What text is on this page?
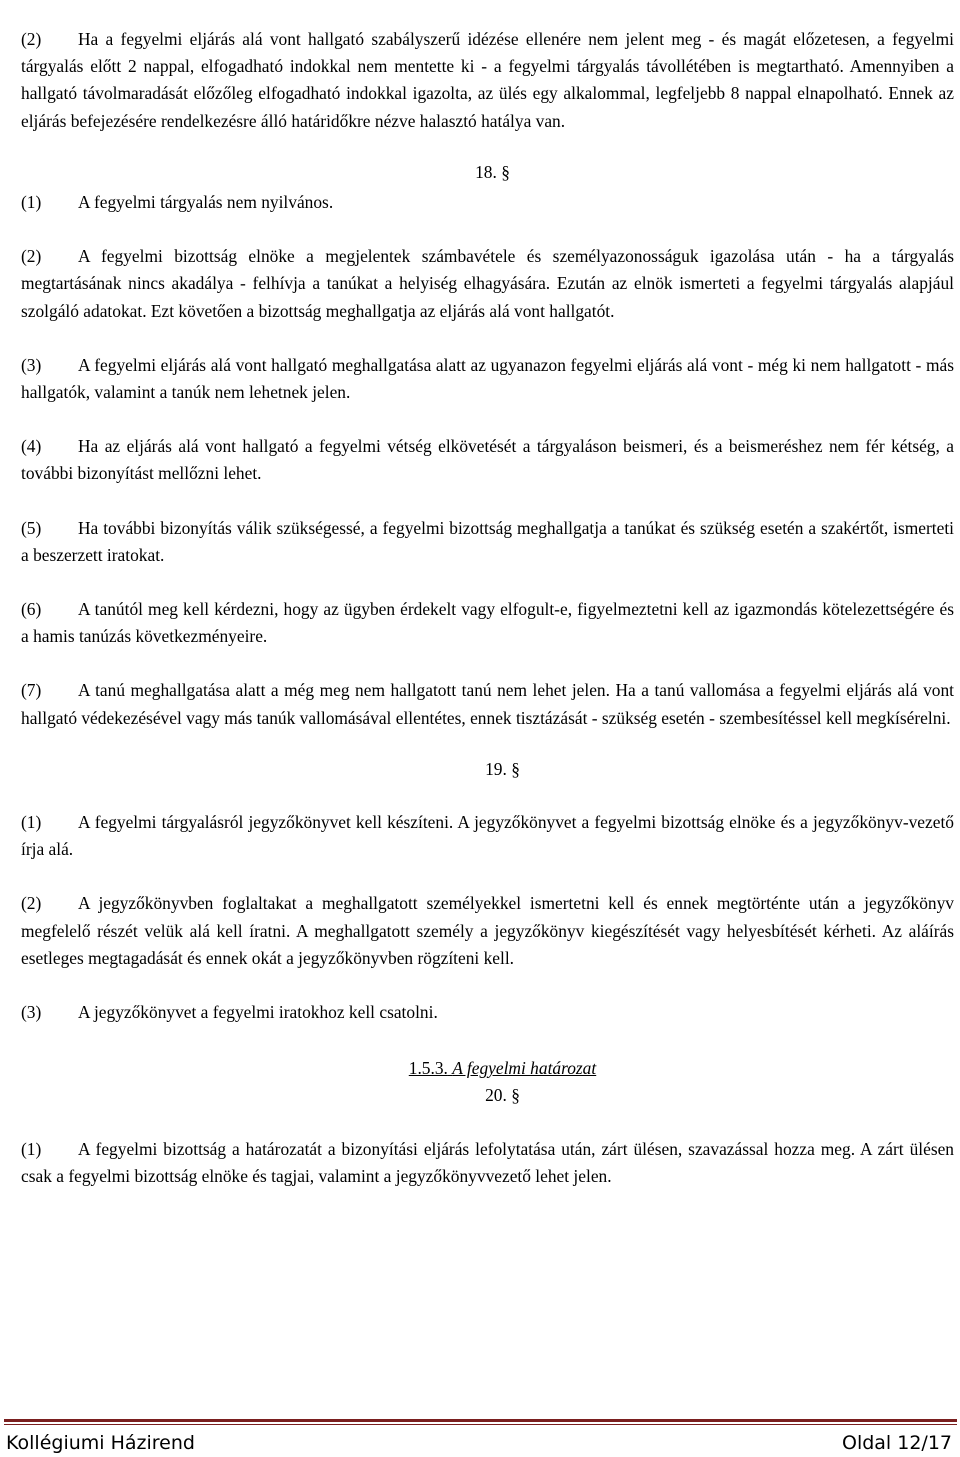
(2) Ha a fegyelmi eljárás alá vont hallgató szabályszerű idézése ellenére nem jelent meg - és magát előzetesen, a fegyelmi tárgyalás előtt 2 nappal, elfogadható indokkal nem mentette ki - a fegyelmi tárgyalás távollétében is megtartható. Amennyiben a hallgató távolmaradását előzőleg elfogadható indokkal igazolta, az ülés egy alkalommal, legfeljebb 8 nappal elnapolható. Ennek az eljárás befejezésére rendelkezésre álló határidőkre nézve halasztó hatálya van.

18. §

(1) A fegyelmi tárgyalás nem nyilvános.

(2) A fegyelmi bizottság elnöke a megjelentek számbavétele és személyazonosságuk igazolása után - ha a tárgyalás megtartásának nincs akadálya - felhívja a tanúkat a helyiség elhagyására. Ezután az elnök ismerteti a fegyelmi tárgyalás alapjául szolgáló adatokat. Ezt követően a bizottság meghallgatja az eljárás alá vont hallgatót.

(3) A fegyelmi eljárás alá vont hallgató meghallgatása alatt az ugyanazon fegyelmi eljárás alá vont - még ki nem hallgatott - más hallgatók, valamint a tanúk nem lehetnek jelen.

(4) Ha az eljárás alá vont hallgató a fegyelmi vétség elkövetését a tárgyaláson beismeri, és a beismeréshez nem fér kétség, a további bizonyítást mellőzni lehet.

(5) Ha további bizonyítás válik szükségessé, a fegyelmi bizottság meghallgatja a tanúkat és szükség esetén a szakértőt, ismerteti a beszerzett iratokat.

(6) A tanútól meg kell kérdezni, hogy az ügyben érdekelt vagy elfogult-e, figyelmeztetni kell az igazmondás kötelezettségére és a hamis tanúzás következményeire.

(7) A tanú meghallgatása alatt a még meg nem hallgatott tanú nem lehet jelen. Ha a tanú vallomása a fegyelmi eljárás alá vont hallgató védekezésével vagy más tanúk vallomásával ellentétes, ennek tisztázását - szükség esetén - szembesítéssel kell megkísérelni.

19. §

(1) A fegyelmi tárgyalásról jegyzőkönyvet kell készíteni. A jegyzőkönyvet a fegyelmi bizottság elnöke és a jegyzőkönyv-vezető írja alá.

(2) A jegyzőkönyvben foglaltakat a meghallgatott személyekkel ismertetni kell és ennek megtörténte után a jegyzőkönyv megfelelő részét velük alá kell íratni. A meghallgatott személy a jegyzőkönyv kiegészítését vagy helyesbítését kérheti. Az aláírás esetleges megtagadását és ennek okát a jegyzőkönyvben rögzíteni kell.

(3) A jegyzőkönyvet a fegyelmi iratokhoz kell csatolni.

1.5.3. A fegyelmi határozat

20. §

(1) A fegyelmi bizottság a határozatát a bizonyítási eljárás lefolytatása után, zárt ülésen, szavazással hozza meg. A zárt ülésen csak a fegyelmi bizottság elnöke és tagjai, valamint a jegyzőkönyvvezető lehet jelen.

Kollégiumi Házirend	Oldal 12/17
